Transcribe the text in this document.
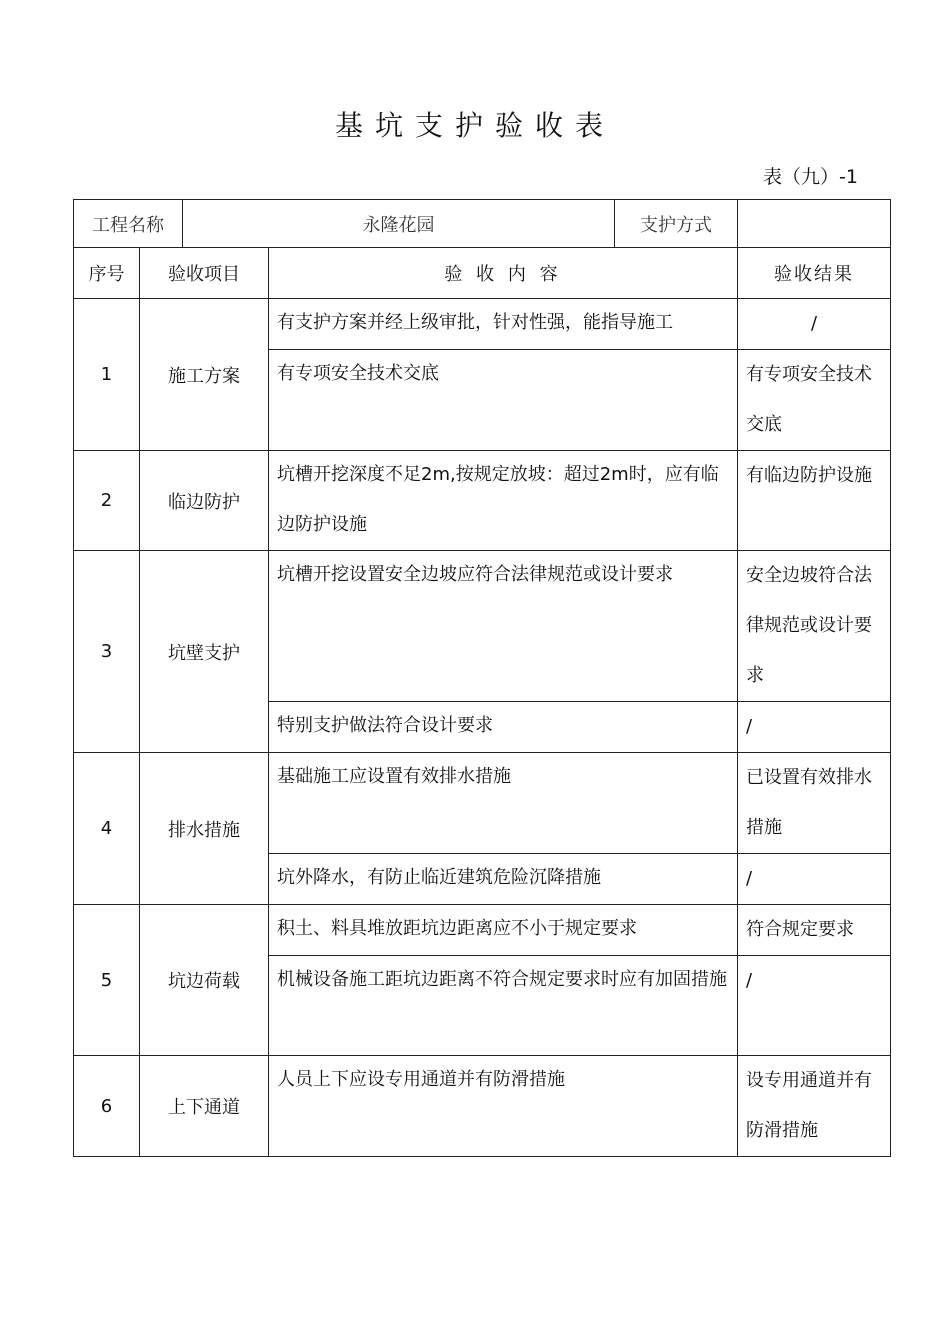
基坑支护验收表
表（九）-1
工程名称		永隆花园		支护方式	
序号	验收项目		验 收 内 容		验收结果
1	施工方案		有支护方案并经上级审批，针对性强，能指导施工		/

			有专项安全技术交底		有专项安全技术交底

2	临边防护		坑槽开挖深度不足2m,按规定放坡：超过2m时，应有临边防护设施		有临边防护设施

3	坑壁支护		坑槽开挖设置安全边坡应符合法律规范或设计要求		安全边坡符合法律规范或设计要求

			特别支护做法符合设计要求		/

4	排水措施		基础施工应设置有效排水措施		已设置有效排水措施

			坑外降水，有防止临近建筑危险沉降措施		/

5	坑边荷载		积土、料具堆放距坑边距离应不小于规定要求		符合规定要求

			机械设备施工距坑边距离不符合规定要求时应有加固措施		/

6	上下通道		人员上下应设专用通道并有防滑措施		设专用通道并有防滑措施
